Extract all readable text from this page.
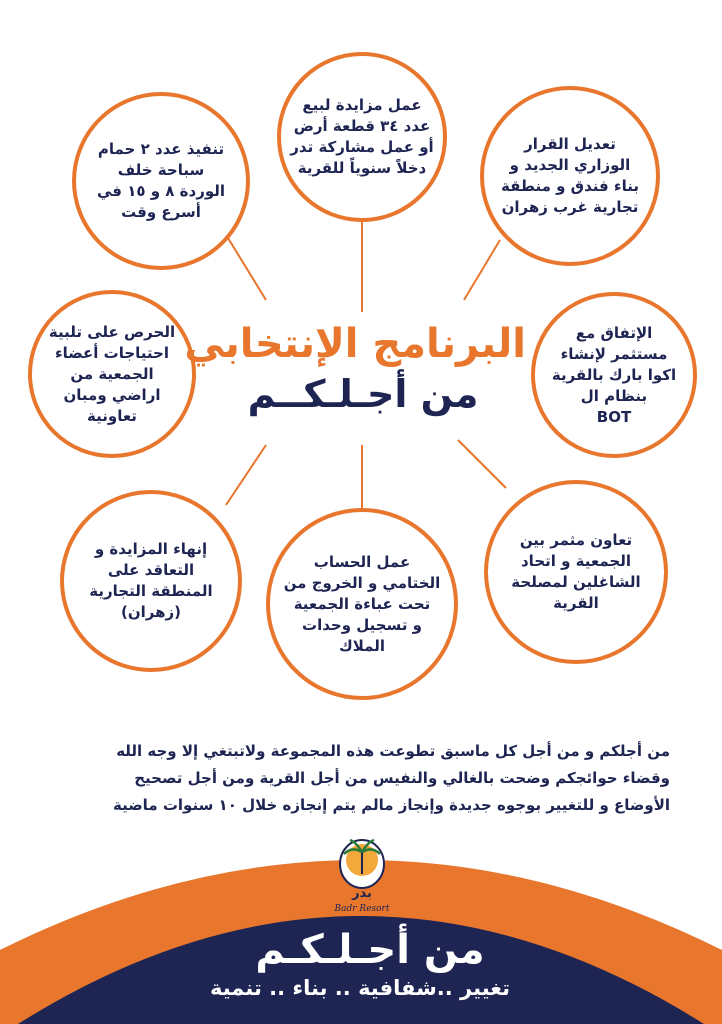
عمل مزايدة لبيع
عدد ٣٤ قطعة أرض
أو عمل مشاركة تدر
دخلاً سنوياً للقرية

تعديل القرار
الوزاري الجديد و
بناء فندق و منطقة
تجارية غرب زهران

تنفيذ عدد ٢ حمام
سباحة خلف
الوردة ٨ و ١٥ في
أسرع وقت

الإتفاق مع
مستثمر لإنشاء
اكوا بارك بالقرية
بنظام ال
BOT

الحرص على تلبية
احتياجات أعضاء
الجمعية من
اراضي ومبان
تعاونية

تعاون مثمر بين
الجمعية و اتحاد
الشاغلين لمصلحة
القرية

إنهاء المزايدة و
التعاقد على
المنطقة التجارية
(زهران)

عمل الحساب
الختامي و الخروج من
تحت عباءة الجمعية
و تسجيل وحدات
الملاك

البرنامج الإنتخابي
من أجـلـكــم
من أجلكم و من أجل كل ماسبق تطوعت هذه المجموعة ولاتبتغي إلا وجه الله
وقضاء حوائجكم وضحت بالغالي والنفيس من أجل القرية ومن أجل تصحيح
الأوضاع و للتغيير بوجوه جديدة وإنجاز مالم يتم إنجازه خلال ١٠ سنوات ماضية
بدر
Badr Resort
من أجـلـكـم
تغيير ..شفافية .. بناء .. تنمية
